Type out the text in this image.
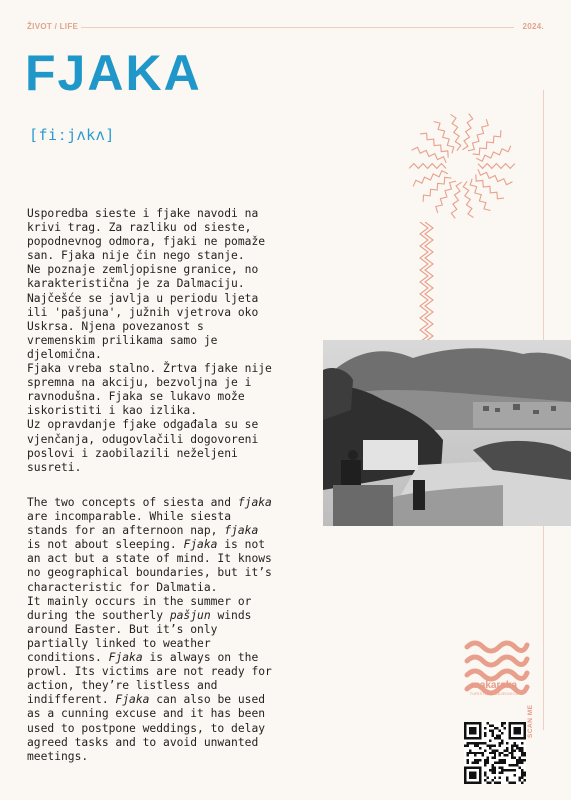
ŽIVOT / LIFE	2024.
FJAKA
[fiːjʌkʌ]

Usporedba sieste i fjake navodi na krivi trag. Za razliku od sieste, popodnevnog odmora, fjaki ne pomaže san. Fjaka nije čin nego stanje.
Ne poznaje zemljopisne granice, no karakteristična je za Dalmaciju. Najčešće se javlja u periodu ljeta ili 'pašjuna', južnih vjetrova oko Uskrsa. Njena povezanost s vremenskim prilikama samo je djelomična.
Fjaka vreba stalno. Žrtva fjake nije spremna na akciju, bezvoljna je i ravnodušna. Fjaka se lukavo može iskoristiti i kao izlika.
Uz opravdanje fjake odgađala su se vjenčanja, odugovlačili dogovoreni poslovi i zaobilazili neželjeni susreti.

The two concepts of siesta and fjaka are incomparable. While siesta stands for an afternoon nap, fjaka is not about sleeping. Fjaka is not an act but a state of mind. It knows no geographical boundaries, but it’s characteristic for Dalmatia.
It mainly occurs in the summer or during the southerly pašjun winds around Easter. But it’s only partially linked to weather conditions. Fjaka is always on the prowl. Its victims are not ready for action, they’re listless and indifferent. Fjaka can also be used as a cunning excuse and it has been used to postpone weddings, to delay agreed tasks and to avoid unwanted meetings.

makarska
TURISTIČKA ZAJEDNICA
SCAN ME
